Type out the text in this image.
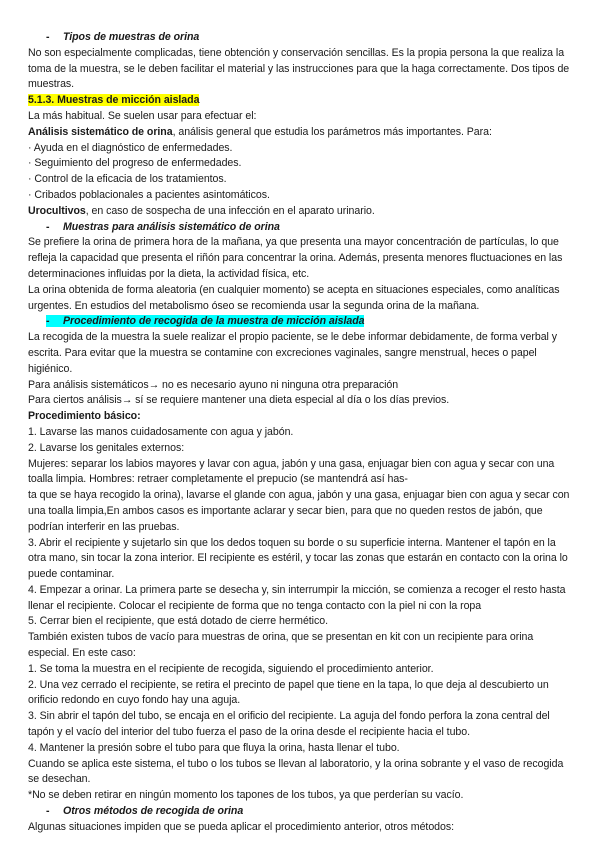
- Tipos de muestras de orina

No son especialmente complicadas, tiene obtención y conservación sencillas. Es la propia persona la que realiza la toma de la muestra, se le deben facilitar el material y las instrucciones para que la haga correctamente. Dos tipos de muestras.

5.1.3. Muestras de micción aislada

La más habitual. Se suelen usar para efectuar el:

Análisis sistemático de orina, análisis general que estudia los parámetros más importantes. Para:

· Ayuda en el diagnóstico de enfermedades.

· Seguimiento del progreso de enfermedades.

· Control de la eficacia de los tratamientos.

· Cribados poblacionales a pacientes asintomáticos.

Urocultivos, en caso de sospecha de una infección en el aparato urinario.

- Muestras para análisis sistemático de orina

Se prefiere la orina de primera hora de la mañana, ya que presenta una mayor concentración de partículas, lo que refleja la capacidad que presenta el riñón para concentrar la orina. Además, presenta menores fluctuaciones en las determinaciones influidas por la dieta, la actividad física, etc.

La orina obtenida de forma aleatoria (en cualquier momento) se acepta en situaciones especiales, como analíticas urgentes. En estudios del metabolismo óseo se recomienda usar la segunda orina de la mañana.

- Procedimiento de recogida de la muestra de micción aislada

La recogida de la muestra la suele realizar el propio paciente, se le debe informar debidamente, de forma verbal y escrita. Para evitar que la muestra se contamine con excreciones vaginales, sangre menstrual, heces o papel higiénico.

Para análisis sistemáticos→ no es necesario ayuno ni ninguna otra preparación

Para ciertos análisis→ sí se requiere mantener una dieta especial al día o los días previos.

Procedimiento básico:

1. Lavarse las manos cuidadosamente con agua y jabón.

2. Lavarse los genitales externos:

Mujeres: separar los labios mayores y lavar con agua, jabón y una gasa, enjuagar bien con agua y secar con una toalla limpia. Hombres: retraer completamente el prepucio (se mantendrá así has-

ta que se haya recogido la orina), lavarse el glande con agua, jabón y una gasa, enjuagar bien con agua y secar con una toalla limpia,En ambos casos es importante aclarar y secar bien, para que no queden restos de jabón, que podrían interferir en las pruebas.

3. Abrir el recipiente y sujetarlo sin que los dedos toquen su borde o su superficie interna. Mantener el tapón en la otra mano, sin tocar la zona interior. El recipiente es estéril, y tocar las zonas que estarán en contacto con la orina lo puede contaminar.

4. Empezar a orinar. La primera parte se desecha y, sin interrumpir la micción, se comienza a recoger el resto hasta llenar el recipiente. Colocar el recipiente de forma que no tenga contacto con la piel ni con la ropa

5. Cerrar bien el recipiente, que está dotado de cierre hermético.

También existen tubos de vacío para muestras de orina, que se presentan en kit con un recipiente para orina especial. En este caso:

1. Se toma la muestra en el recipiente de recogida, siguiendo el procedimiento anterior.

2. Una vez cerrado el recipiente, se retira el precinto de papel que tiene en la tapa, lo que deja al descubierto un orificio redondo en cuyo fondo hay una aguja.

3. Sin abrir el tapón del tubo, se encaja en el orificio del recipiente. La aguja del fondo perfora la zona central del tapón y el vacío del interior del tubo fuerza el paso de la orina desde el recipiente hacia el tubo.

4. Mantener la presión sobre el tubo para que fluya la orina, hasta llenar el tubo.

Cuando se aplica este sistema, el tubo o los tubos se llevan al laboratorio, y la orina sobrante y el vaso de recogida se desechan.

*No se deben retirar en ningún momento los tapones de los tubos, ya que perderían su vacío.

- Otros métodos de recogida de orina

Algunas situaciones impiden que se pueda aplicar el procedimiento anterior, otros métodos:
